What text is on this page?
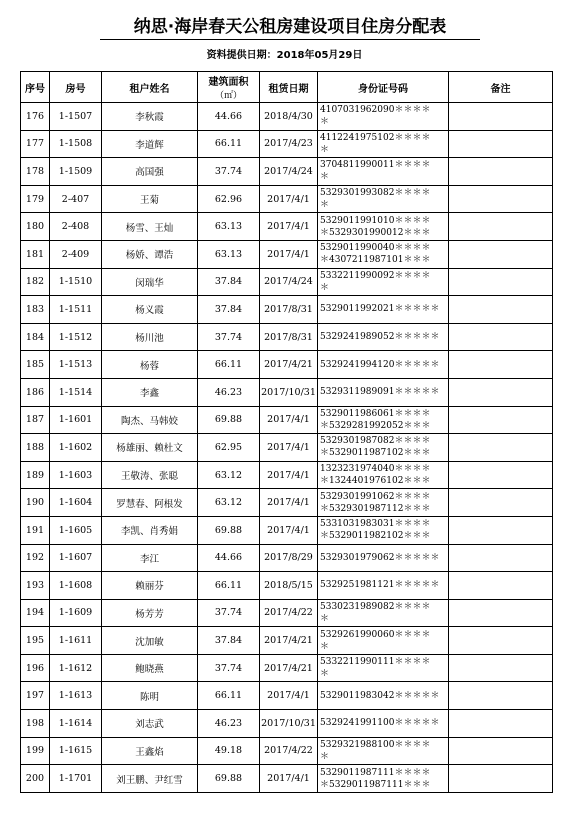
纳思·海岸春天公租房建设项目住房分配表
资料提供日期：2018年05月29日
序号	房号	租户姓名	建筑面积
（㎡）	租赁日期	身份证号码	备注
176	1-1507	李秋霞	44.66	2018/4/30	4107031962090＊＊＊＊
＊	

177	1-1508	李道辉	66.11	2017/4/23	4112241975102＊＊＊＊
＊	

178	1-1509	高国强	37.74	2017/4/24	3704811990011＊＊＊＊
＊	

179	2-407	王菊	62.96	2017/4/1	5329301993082＊＊＊＊
＊	

180	2-408	杨雪、王灿	63.13	2017/4/1	5329011991010＊＊＊＊
＊5329301990012＊＊＊	

181	2-409	杨娇、谭浩	63.13	2017/4/1	5329011990040＊＊＊＊
＊4307211987101＊＊＊	

182	1-1510	闵瑞华	37.84	2017/4/24	5332211990092＊＊＊＊
＊	

183	1-1511	杨义霞	37.84	2017/8/31	5329011992021＊＊＊＊＊	

184	1-1512	杨川池	37.74	2017/8/31	5329241989052＊＊＊＊＊	

185	1-1513	杨蓉	66.11	2017/4/21	5329241994120＊＊＊＊＊	

186	1-1514	李鑫	46.23	2017/10/31	5329311989091＊＊＊＊＊	

187	1-1601	陶杰、马韩姣	69.88	2017/4/1	5329011986061＊＊＊＊
＊5329281992052＊＊＊	

188	1-1602	杨雄丽、赖杜文	62.95	2017/4/1	5329301987082＊＊＊＊
＊5329011987102＊＊＊	

189	1-1603	王敬涛、张聪	63.12	2017/4/1	1323231974040＊＊＊＊
＊1324401976102＊＊＊	

190	1-1604	罗慧春、阿根发	63.12	2017/4/1	5329301991062＊＊＊＊
＊5329301987112＊＊＊	

191	1-1605	李凯、肖秀娟	69.88	2017/4/1	5331031983031＊＊＊＊
＊5329011982102＊＊＊	

192	1-1607	李江	44.66	2017/8/29	5329301979062＊＊＊＊＊	

193	1-1608	赖丽芬	66.11	2018/5/15	5329251981121＊＊＊＊＊	

194	1-1609	杨芳芳	37.74	2017/4/22	5330231989082＊＊＊＊
＊	

195	1-1611	沈加敏	37.84	2017/4/21	5329261990060＊＊＊＊
＊	

196	1-1612	鲍晓燕	37.74	2017/4/21	5332211990111＊＊＊＊
＊	

197	1-1613	陈明	66.11	2017/4/1	5329011983042＊＊＊＊＊	

198	1-1614	刘志武	46.23	2017/10/31	5329241991100＊＊＊＊＊	

199	1-1615	王鑫焰	49.18	2017/4/22	5329321988100＊＊＊＊
＊	

200	1-1701	刘王鹏、尹红雪	69.88	2017/4/1	5329011987111＊＊＊＊
＊5329011987111＊＊＊	
